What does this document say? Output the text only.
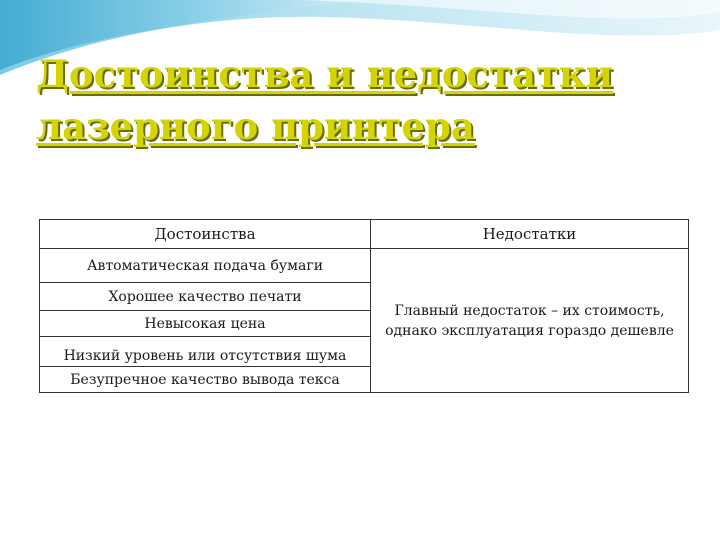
Достоинства и недостатки
лазерного принтера
Достоинства	Недостатки
Автоматическая подача бумаги	Главный недостаток – их стоимость, однако эксплуатация гораздо дешевле
Хорошее качество печати	
Невысокая цена	
Низкий уровень или отсутствия шума	
Безупречное качество вывода текса	
